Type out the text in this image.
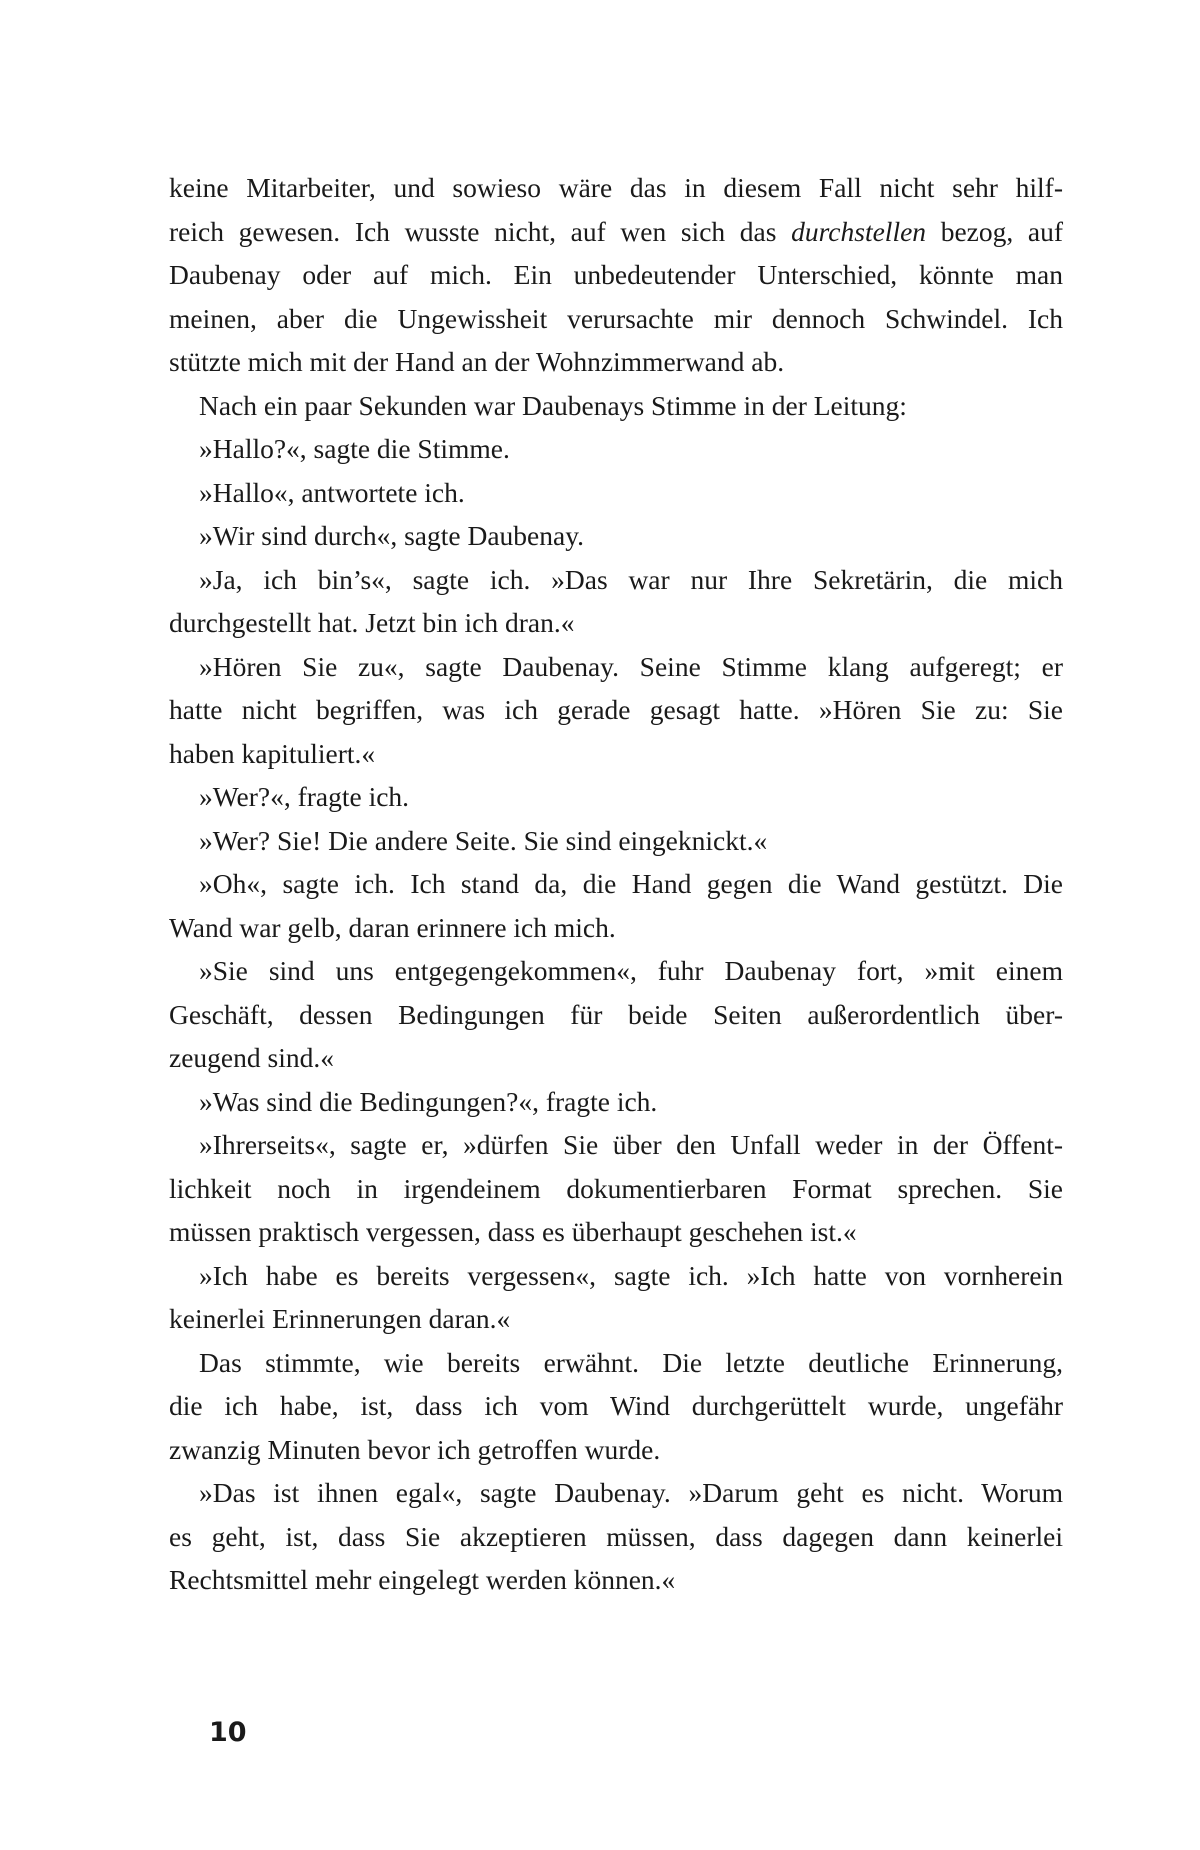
keine Mitarbeiter, und sowieso wäre das in diesem Fall nicht sehr hilf-
reich gewesen. Ich wusste nicht, auf wen sich das durchstellen bezog, auf
Daubenay oder auf mich. Ein unbedeutender Unterschied, könnte man
meinen, aber die Ungewissheit verursachte mir dennoch Schwindel. Ich
stützte mich mit der Hand an der Wohnzimmerwand ab.
Nach ein paar Sekunden war Daubenays Stimme in der Leitung:
»Hallo?«, sagte die Stimme.
»Hallo«, antwortete ich.
»Wir sind durch«, sagte Daubenay.
»Ja, ich bin’s«, sagte ich. »Das war nur Ihre Sekretärin, die mich
durchgestellt hat. Jetzt bin ich dran.«
»Hören Sie zu«, sagte Daubenay. Seine Stimme klang aufgeregt; er
hatte nicht begriffen, was ich gerade gesagt hatte. »Hören Sie zu: Sie
haben kapituliert.«
»Wer?«, fragte ich.
»Wer? Sie! Die andere Seite. Sie sind eingeknickt.«
»Oh«, sagte ich. Ich stand da, die Hand gegen die Wand gestützt. Die
Wand war gelb, daran erinnere ich mich.
»Sie sind uns entgegengekommen«, fuhr Daubenay fort, »mit einem
Geschäft, dessen Bedingungen für beide Seiten außerordentlich über-
zeugend sind.«
»Was sind die Bedingungen?«, fragte ich.
»Ihrerseits«, sagte er, »dürfen Sie über den Unfall weder in der Öffent-
lichkeit noch in irgendeinem dokumentierbaren Format sprechen. Sie
müssen praktisch vergessen, dass es überhaupt geschehen ist.«
»Ich habe es bereits vergessen«, sagte ich. »Ich hatte von vornherein
keinerlei Erinnerungen daran.«
Das stimmte, wie bereits erwähnt. Die letzte deutliche Erinnerung,
die ich habe, ist, dass ich vom Wind durchgerüttelt wurde, ungefähr
zwanzig Minuten bevor ich getroffen wurde.
»Das ist ihnen egal«, sagte Daubenay. »Darum geht es nicht. Worum
es geht, ist, dass Sie akzeptieren müssen, dass dagegen dann keinerlei
Rechtsmittel mehr eingelegt werden können.«
10
